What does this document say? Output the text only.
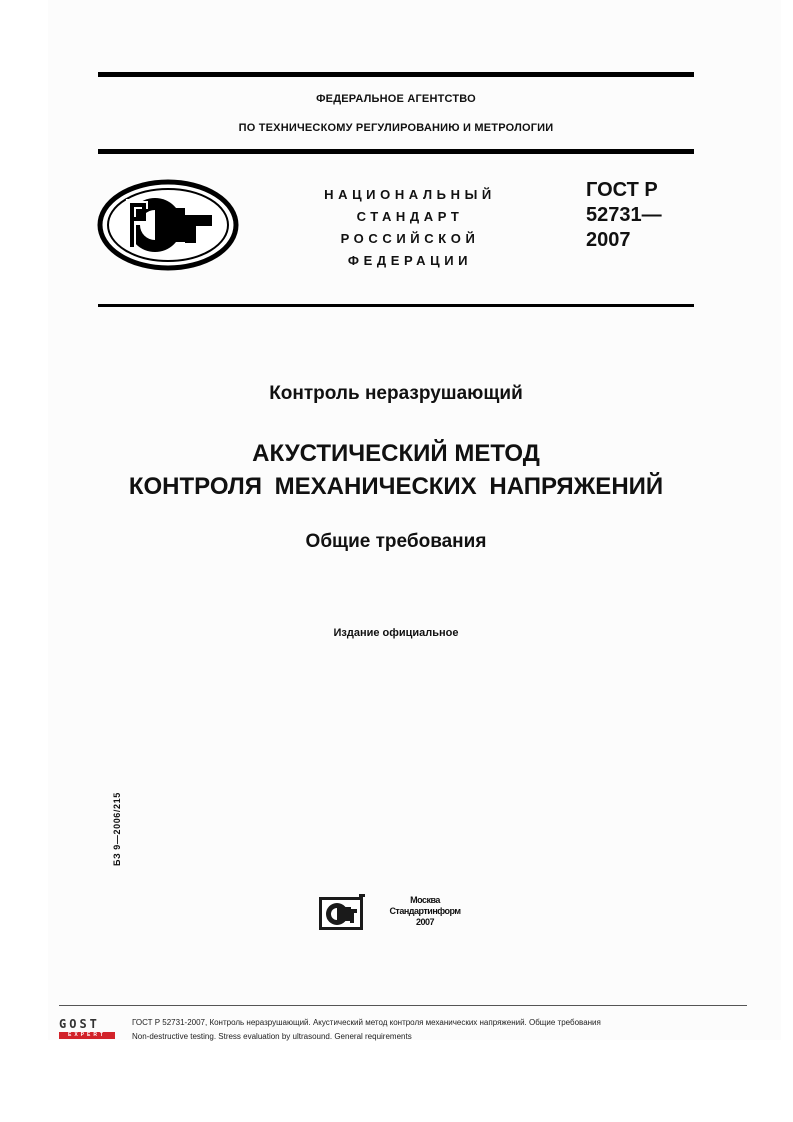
ФЕДЕРАЛЬНОЕ АГЕНТСТВО
ПО ТЕХНИЧЕСКОМУ РЕГУЛИРОВАНИЮ И МЕТРОЛОГИИ
НАЦИОНАЛЬНЫЙ
СТАНДАРТ
РОССИЙСКОЙ
ФЕДЕРАЦИИ
ГОСТ Р
52731—
2007
Контроль неразрушающий
АКУСТИЧЕСКИЙ МЕТОД
КОНТРОЛЯ МЕХАНИЧЕСКИХ НАПРЯЖЕНИЙ
Общие требования
Издание официальное
БЗ 9—2006/215
Москва
Стандартинформ
2007
GOST
EXPERT
ГОСТ Р 52731-2007, Контроль неразрушающий. Акустический метод контроля механических напряжений. Общие требования
Non-destructive testing. Stress evaluation by ultrasound. General requirements
